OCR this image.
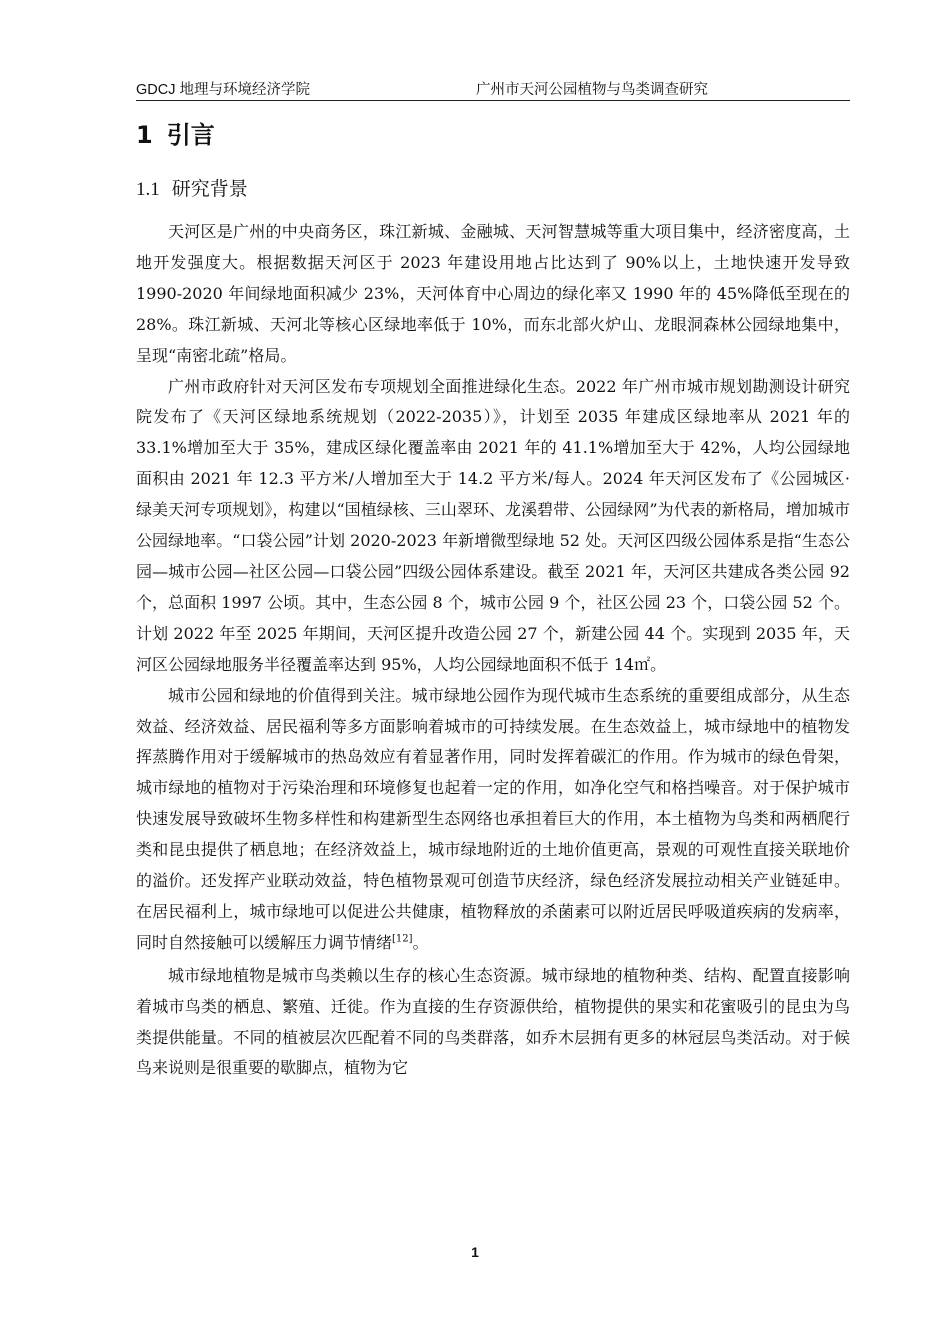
GDCJ 地理与环境经济学院	广州市天河公园植物与鸟类调查研究
1 引言
1.1 研究背景

天河区是广州的中央商务区，珠江新城、金融城、天河智慧城等重大项目集中，经济密度高，土地开发强度大。根据数据天河区于 2023 年建设用地占比达到了 90%以上，土地快速开发导致 1990-2020 年间绿地面积减少 23%，天河体育中心周边的绿化率又 1990 年的 45%降低至现在的 28%。珠江新城、天河北等核心区绿地率低于 10%，而东北部火炉山、龙眼洞森林公园绿地集中，呈现“南密北疏”格局。

广州市政府针对天河区发布专项规划全面推进绿化生态。2022 年广州市城市规划勘测设计研究院发布了《天河区绿地系统规划（2022-2035）》，计划至 2035 年建成区绿地率从 2021 年的 33.1%增加至大于 35%，建成区绿化覆盖率由 2021 年的 41.1%增加至大于 42%，人均公园绿地面积由 2021 年 12.3 平方米/人增加至大于 14.2 平方米/每人。2024 年天河区发布了《公园城区·绿美天河专项规划》，构建以“国植绿核、三山翠环、龙溪碧带、公园绿网”为代表的新格局，增加城市公园绿地率。“口袋公园”计划 2020-2023 年新增微型绿地 52 处。天河区四级公园体系是指“生态公园—城市公园—社区公园—口袋公园”四级公园体系建设。截至 2021 年，天河区共建成各类公园 92 个，总面积 1997 公顷。其中，生态公园 8 个，城市公园 9 个，社区公园 23 个，口袋公园 52 个。计划 2022 年至 2025 年期间，天河区提升改造公园 27 个，新建公园 44 个。实现到 2035 年，天河区公园绿地服务半径覆盖率达到 95%，人均公园绿地面积不低于 14㎡。

城市公园和绿地的价值得到关注。城市绿地公园作为现代城市生态系统的重要组成部分，从生态效益、经济效益、居民福利等多方面影响着城市的可持续发展。在生态效益上，城市绿地中的植物发挥蒸腾作用对于缓解城市的热岛效应有着显著作用，同时发挥着碳汇的作用。作为城市的绿色骨架，城市绿地的植物对于污染治理和环境修复也起着一定的作用，如净化空气和格挡噪音。对于保护城市快速发展导致破坏生物多样性和构建新型生态网络也承担着巨大的作用，本土植物为鸟类和两栖爬行类和昆虫提供了栖息地；在经济效益上，城市绿地附近的土地价值更高，景观的可观性直接关联地价的溢价。还发挥产业联动效益，特色植物景观可创造节庆经济，绿色经济发展拉动相关产业链延申。在居民福利上，城市绿地可以促进公共健康，植物释放的杀菌素可以附近居民呼吸道疾病的发病率，同时自然接触可以缓解压力调节情绪[12]。

城市绿地植物是城市鸟类赖以生存的核心生态资源。城市绿地的植物种类、结构、配置直接影响着城市鸟类的栖息、繁殖、迁徙。作为直接的生存资源供给，植物提供的果实和花蜜吸引的昆虫为鸟类提供能量。不同的植被层次匹配着不同的鸟类群落，如乔木层拥有更多的林冠层鸟类活动。对于候鸟来说则是很重要的歇脚点，植物为它

1
